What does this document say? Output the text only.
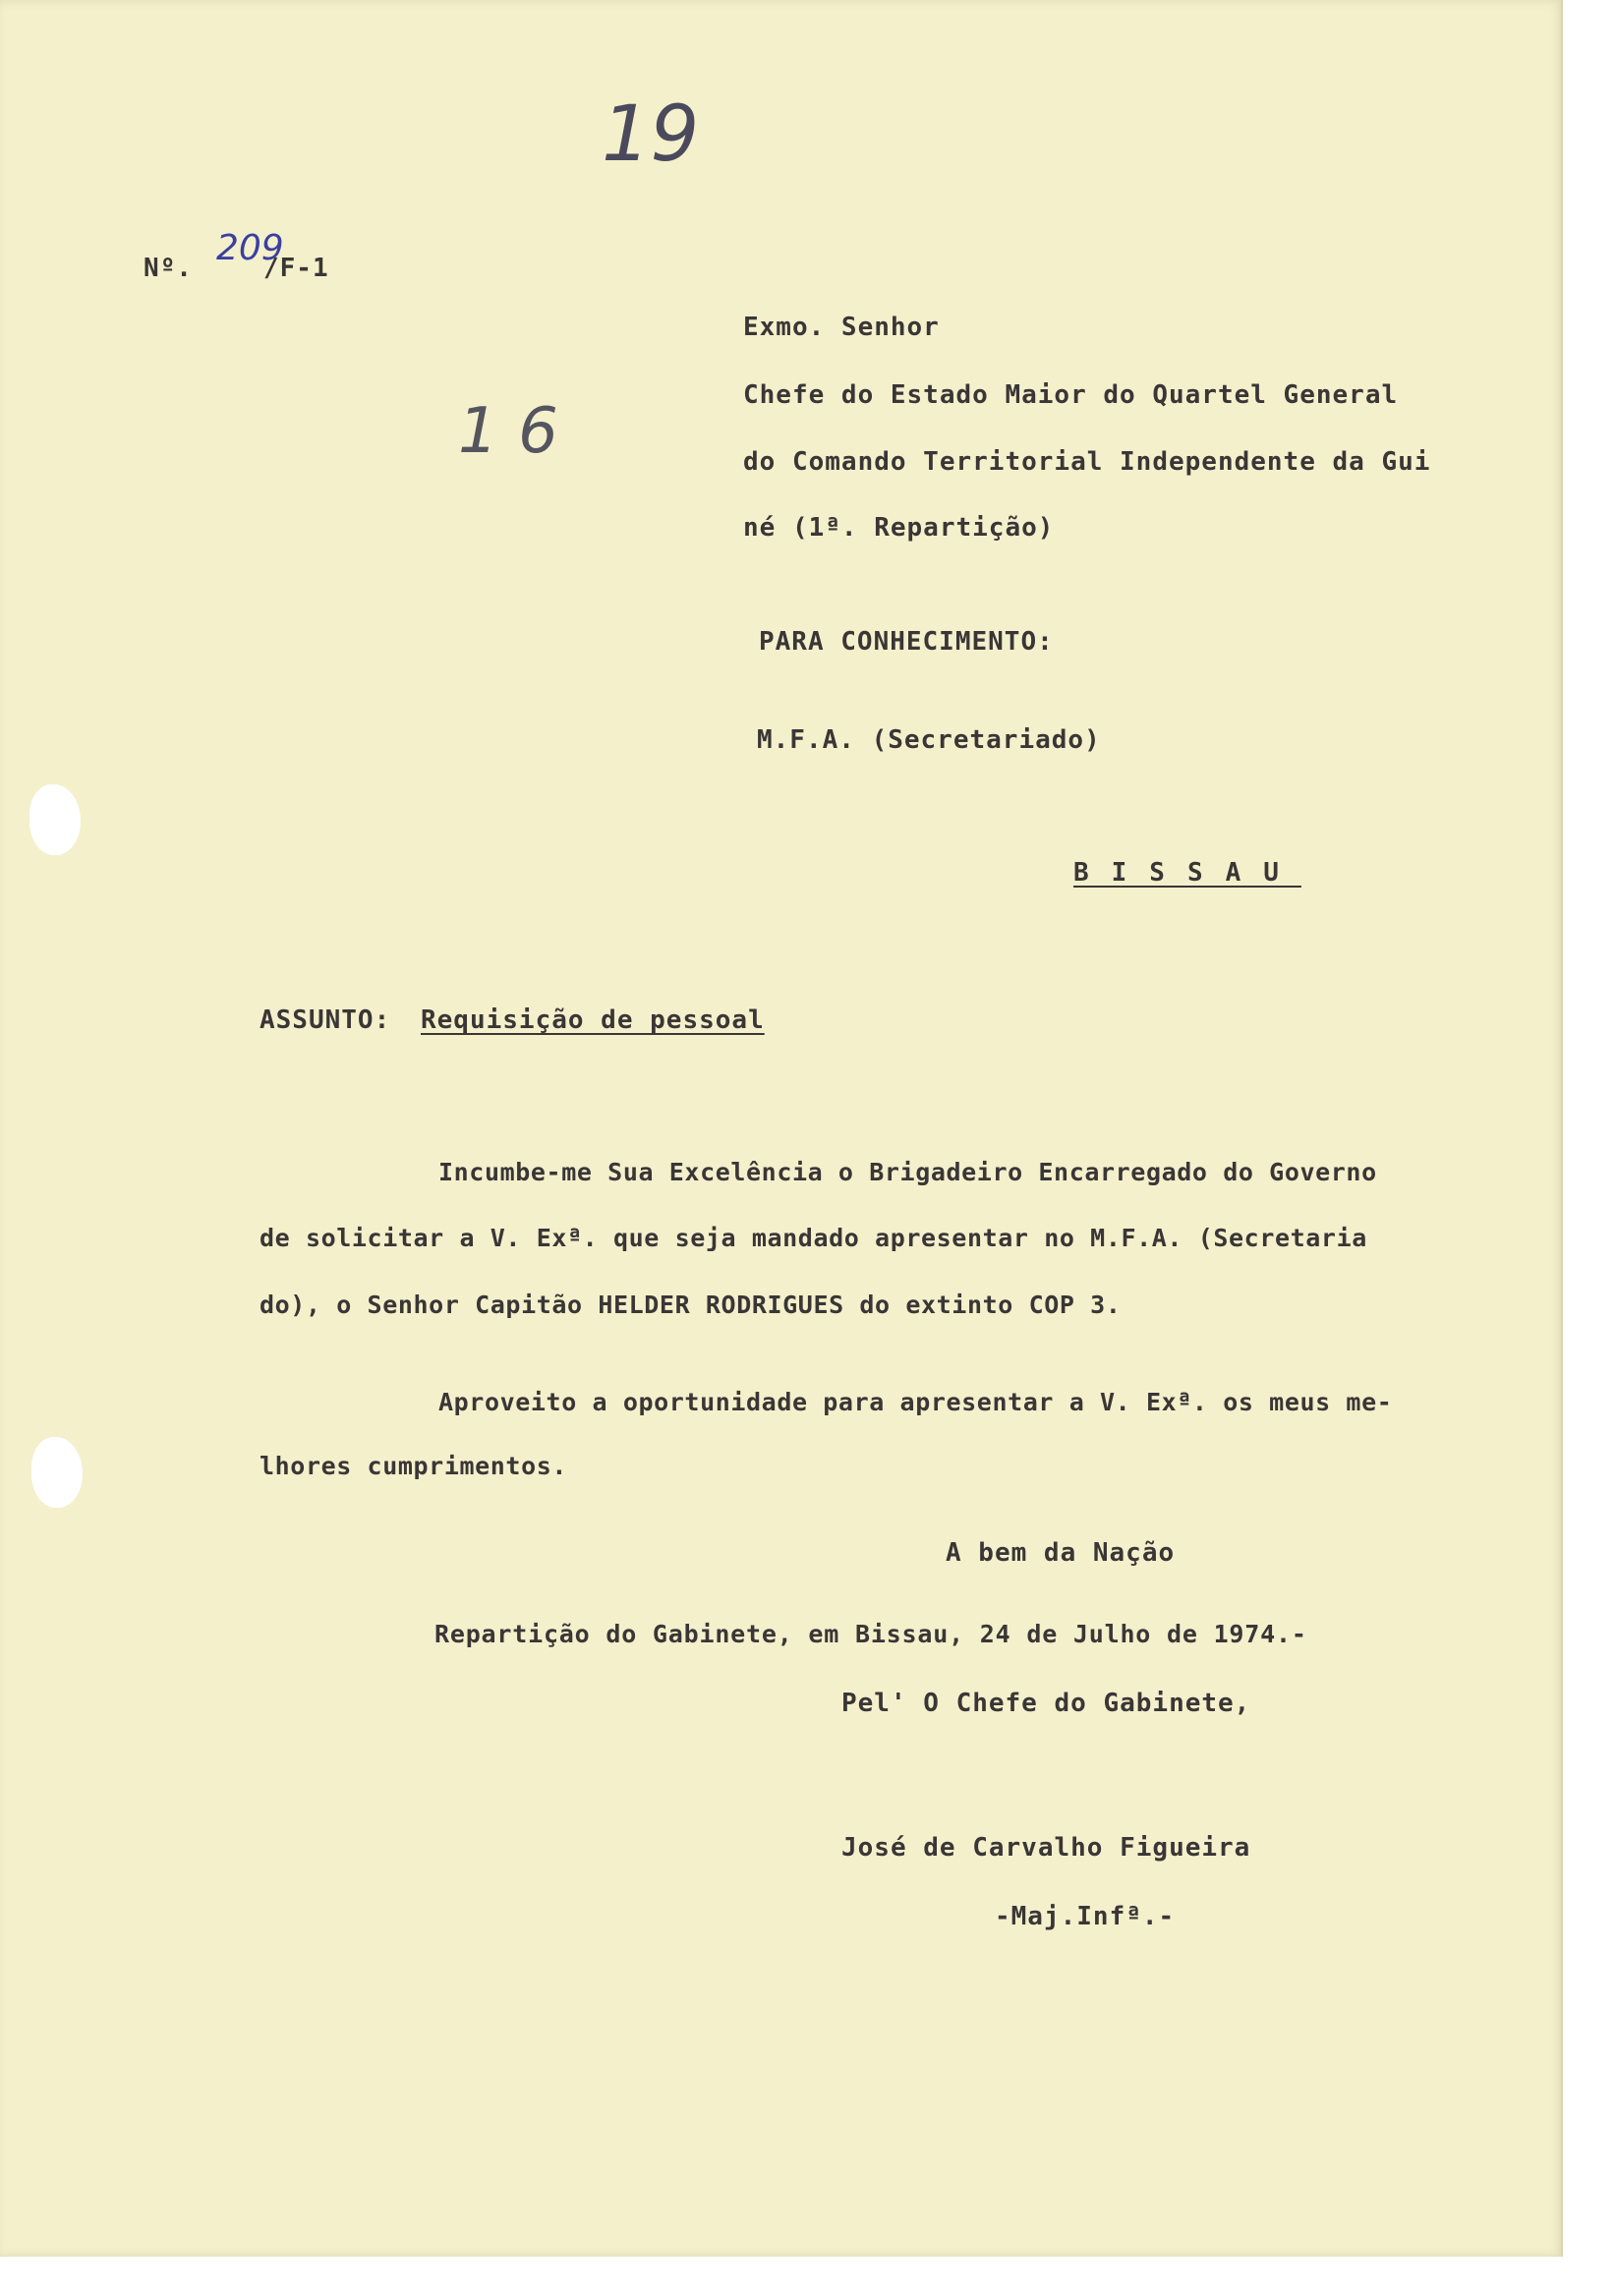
19
Nº. 209
/F-1
1 6
Exmo. Senhor
Chefe do Estado Maior do Quartel General
do Comando Territorial Independente da Gui
né (1ª. Repartição)
PARA CONHECIMENTO:
M.F.A. (Secretariado)
BISSAU
ASSUNTO: Requisição de pessoal
Incumbe-me Sua Excelência o Brigadeiro Encarregado do Governo
de solicitar a V. Exª. que seja mandado apresentar no M.F.A. (Secretaria
do), o Senhor Capitão HELDER RODRIGUES do extinto COP 3.
Aproveito a oportunidade para apresentar a V. Exª. os meus me-
lhores cumprimentos.
A bem da Nação
Repartição do Gabinete, em Bissau, 24 de Julho de 1974.-
Pel' O Chefe do Gabinete,
José de Carvalho Figueira
-Maj.Infª.-
